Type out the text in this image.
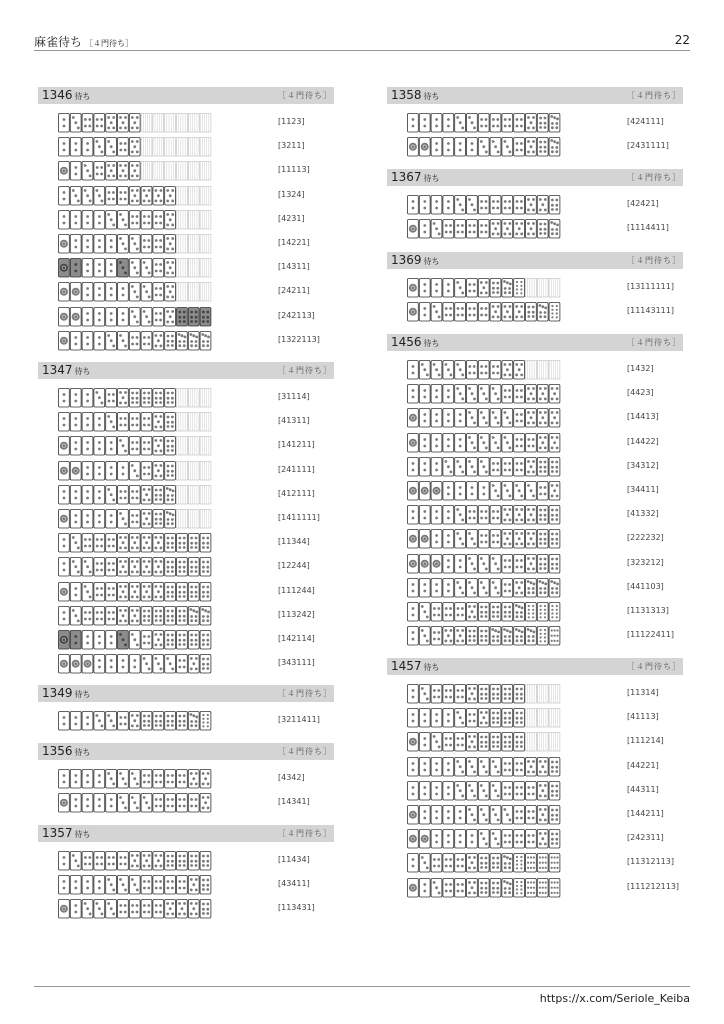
麻雀待ち ［４門待ち］	22
1346 待ち	［４門待ち］
[1123]
[3211]
[11113]
[1324]
[4231]
[14221]
[14311]
[24211]
[242113]
[1322113]
1347 待ち	［４門待ち］
[31114]
[41311]
[141211]
[241111]
[412111]
[1411111]
[11344]
[12244]
[111244]
[113242]
[142114]
[343111]
1349 待ち	［４門待ち］
[3211411]
1356 待ち	［４門待ち］
[4342]
[14341]
1357 待ち	［４門待ち］
[11434]
[43411]
[113431]
1358 待ち	［４門待ち］
[424111]
[2431111]
1367 待ち	［４門待ち］
[42421]
[1114411]
1369 待ち	［４門待ち］
[13111111]
[11143111]
1456 待ち	［４門待ち］
[1432]
[4423]
[14413]
[14422]
[34312]
[34411]
[41332]
[222232]
[323212]
[441103]
[1131313]
[11122411]
1457 待ち	［４門待ち］
[11314]
[41113]
[111214]
[44221]
[44311]
[144211]
[242311]
[11312113]
[111212113]
https://x.com/Seriole_Keiba
